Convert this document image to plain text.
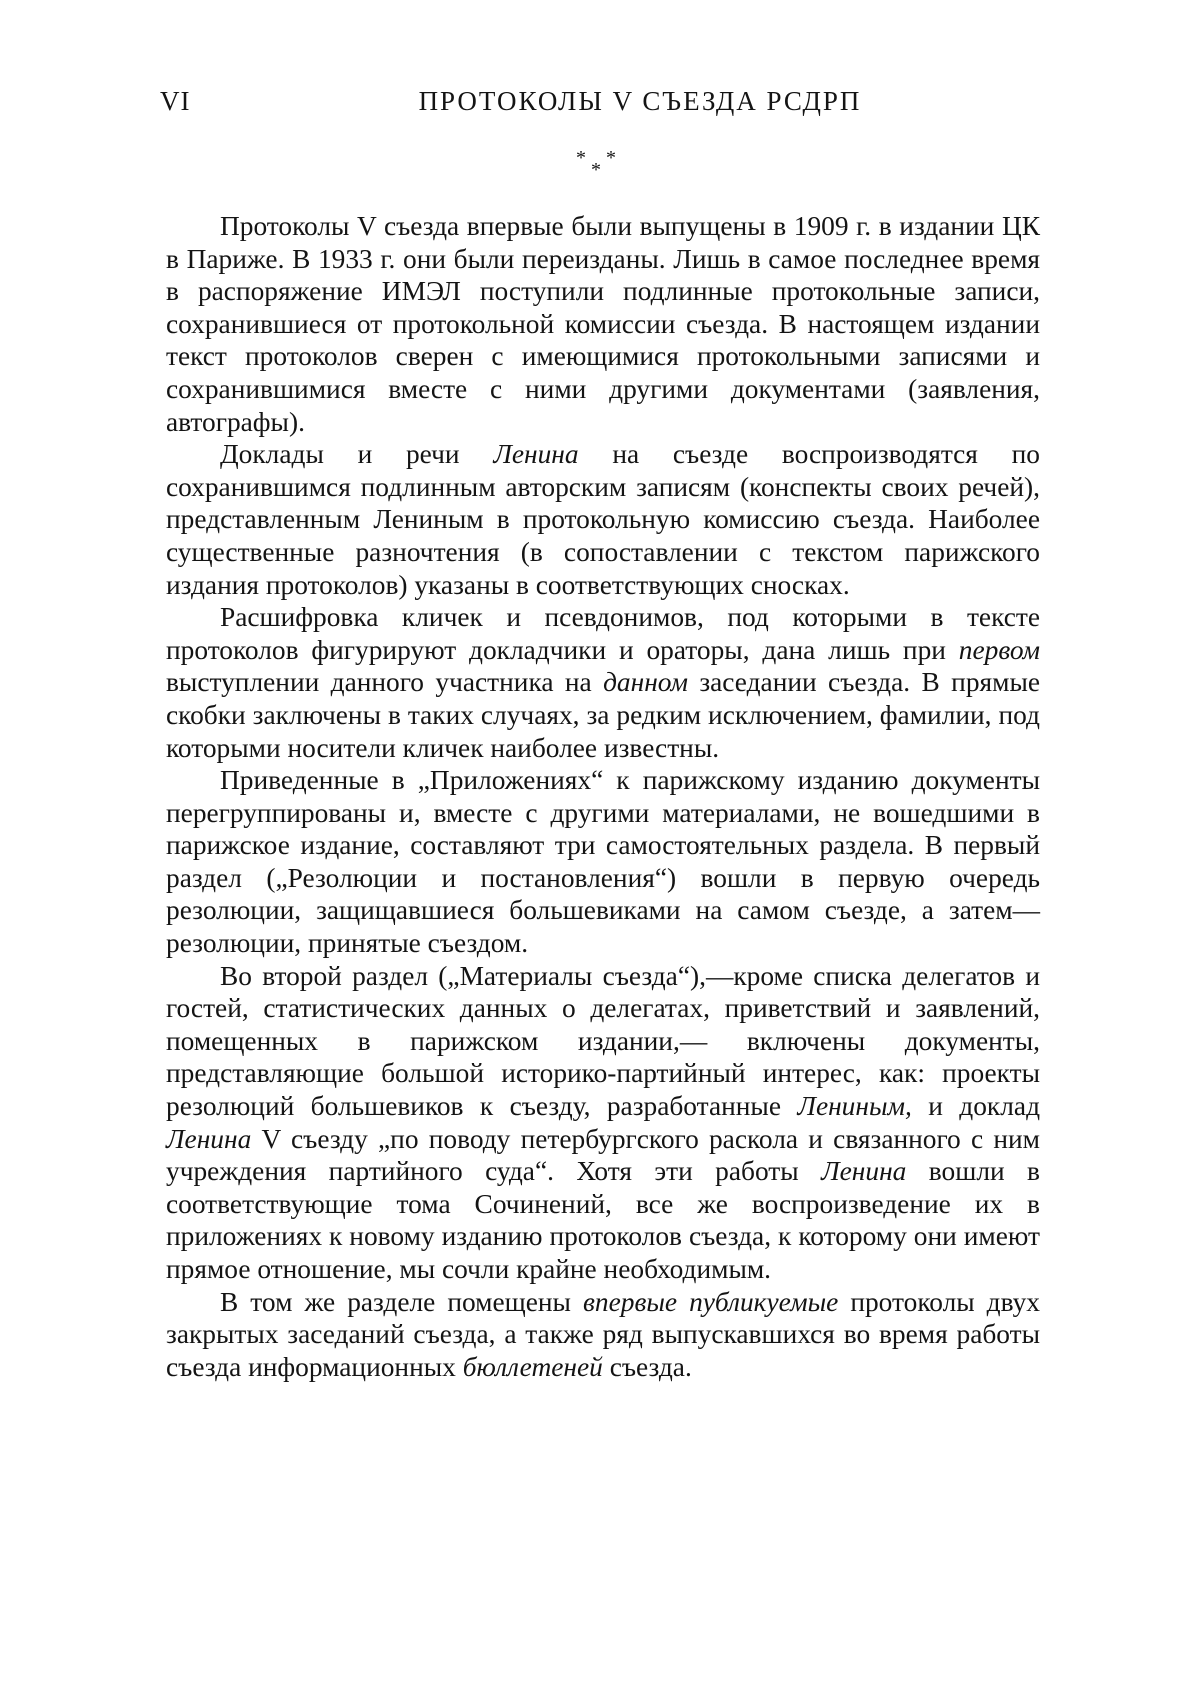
VI	ПРОТОКОЛЫ V СЪЕЗДА РСДРП
* *
*

Протоколы V съезда впервые были выпущены в 1909 г. в издании ЦК в Париже. В 1933 г. они были переизданы. Лишь в самое последнее время в распоряжение ИМЭЛ поступили подлинные протокольные записи, сохранившиеся от протокольной комиссии съезда. В настоящем издании текст протоколов сверен с имеющимися протокольными записями и сохранившимися вместе с ними другими документами (заявления, автографы).

Доклады и речи Ленина на съезде воспроизводятся по сохранившимся подлинным авторским записям (конспекты своих речей), представленным Лениным в протокольную комиссию съезда. Наиболее существенные разночтения (в сопоставлении с текстом парижского издания протоколов) указаны в соответствующих сносках.

Расшифровка кличек и псевдонимов, под которыми в тексте протоколов фигурируют докладчики и ораторы, дана лишь при первом выступлении данного участника на данном заседании съезда. В прямые скобки заключены в таких случаях, за редким исключением, фамилии, под которыми носители кличек наиболее известны.

Приведенные в „Приложениях“ к парижскому изданию документы перегруппированы и, вместе с другими материалами, не вошедшими в парижское издание, составляют три самостоятельных раздела. В первый раздел („Резолюции и постановления“) вошли в первую очередь резолюции, защищавшиеся большевиками на самом съезде, а затем—резолюции, принятые съездом.

Во второй раздел („Материалы съезда“),—кроме списка делегатов и гостей, статистических данных о делегатах, приветствий и заявлений, помещенных в парижском издании,— включены документы, представляющие большой историко-партийный интерес, как: проекты резолюций большевиков к съезду, разработанные Лениным, и доклад Ленина V съезду „по поводу петербургского раскола и связанного с ним учреждения партийного суда“. Хотя эти работы Ленина вошли в соответствующие тома Сочинений, все же воспроизведение их в приложениях к новому изданию протоколов съезда, к которому они имеют прямое отношение, мы сочли крайне необходимым.

В том же разделе помещены впервые публикуемые протоколы двух закрытых заседаний съезда, а также ряд выпускавшихся во время работы съезда информационных бюллетеней съезда.
